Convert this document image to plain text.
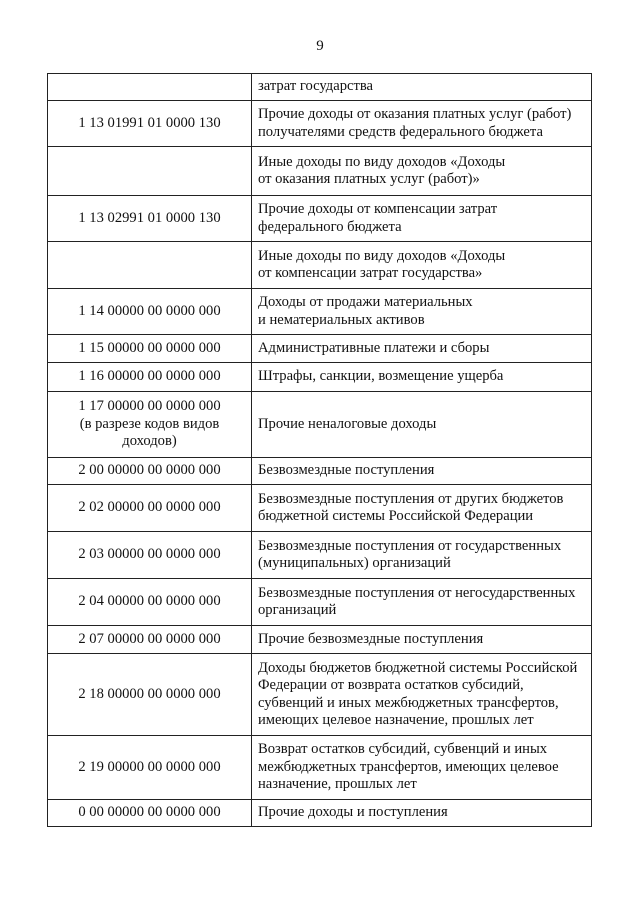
9

	затрат государства

1 13 01991 01 0000 130	Прочие доходы от оказания платных услуг (работ)
получателями средств федерального бюджета

	Иные доходы по виду доходов «Доходы
от оказания платных услуг (работ)»

1 13 02991 01 0000 130	Прочие доходы от компенсации затрат
федерального бюджета

	Иные доходы по виду доходов «Доходы
от компенсации затрат государства»

1 14 00000 00 0000 000	Доходы от продажи материальных
и нематериальных активов

1 15 00000 00 0000 000	Административные платежи и сборы

1 16 00000 00 0000 000	Штрафы, санкции, возмещение ущерба

1 17 00000 00 0000 000
(в разрезе кодов видов
доходов)	Прочие неналоговые доходы

2 00 00000 00 0000 000	Безвозмездные поступления

2 02 00000 00 0000 000	Безвозмездные поступления от других бюджетов
бюджетной системы Российской Федерации

2 03 00000 00 0000 000	Безвозмездные поступления от государственных
(муниципальных) организаций

2 04 00000 00 0000 000	Безвозмездные поступления от негосударственных
организаций

2 07 00000 00 0000 000	Прочие безвозмездные поступления

2 18 00000 00 0000 000	Доходы бюджетов бюджетной системы Российской
Федерации от возврата остатков субсидий,
субвенций и иных межбюджетных трансфертов,
имеющих целевое назначение, прошлых лет

2 19 00000 00 0000 000	Возврат остатков субсидий, субвенций и иных
межбюджетных трансфертов, имеющих целевое
назначение, прошлых лет

0 00 00000 00 0000 000	Прочие доходы и поступления
